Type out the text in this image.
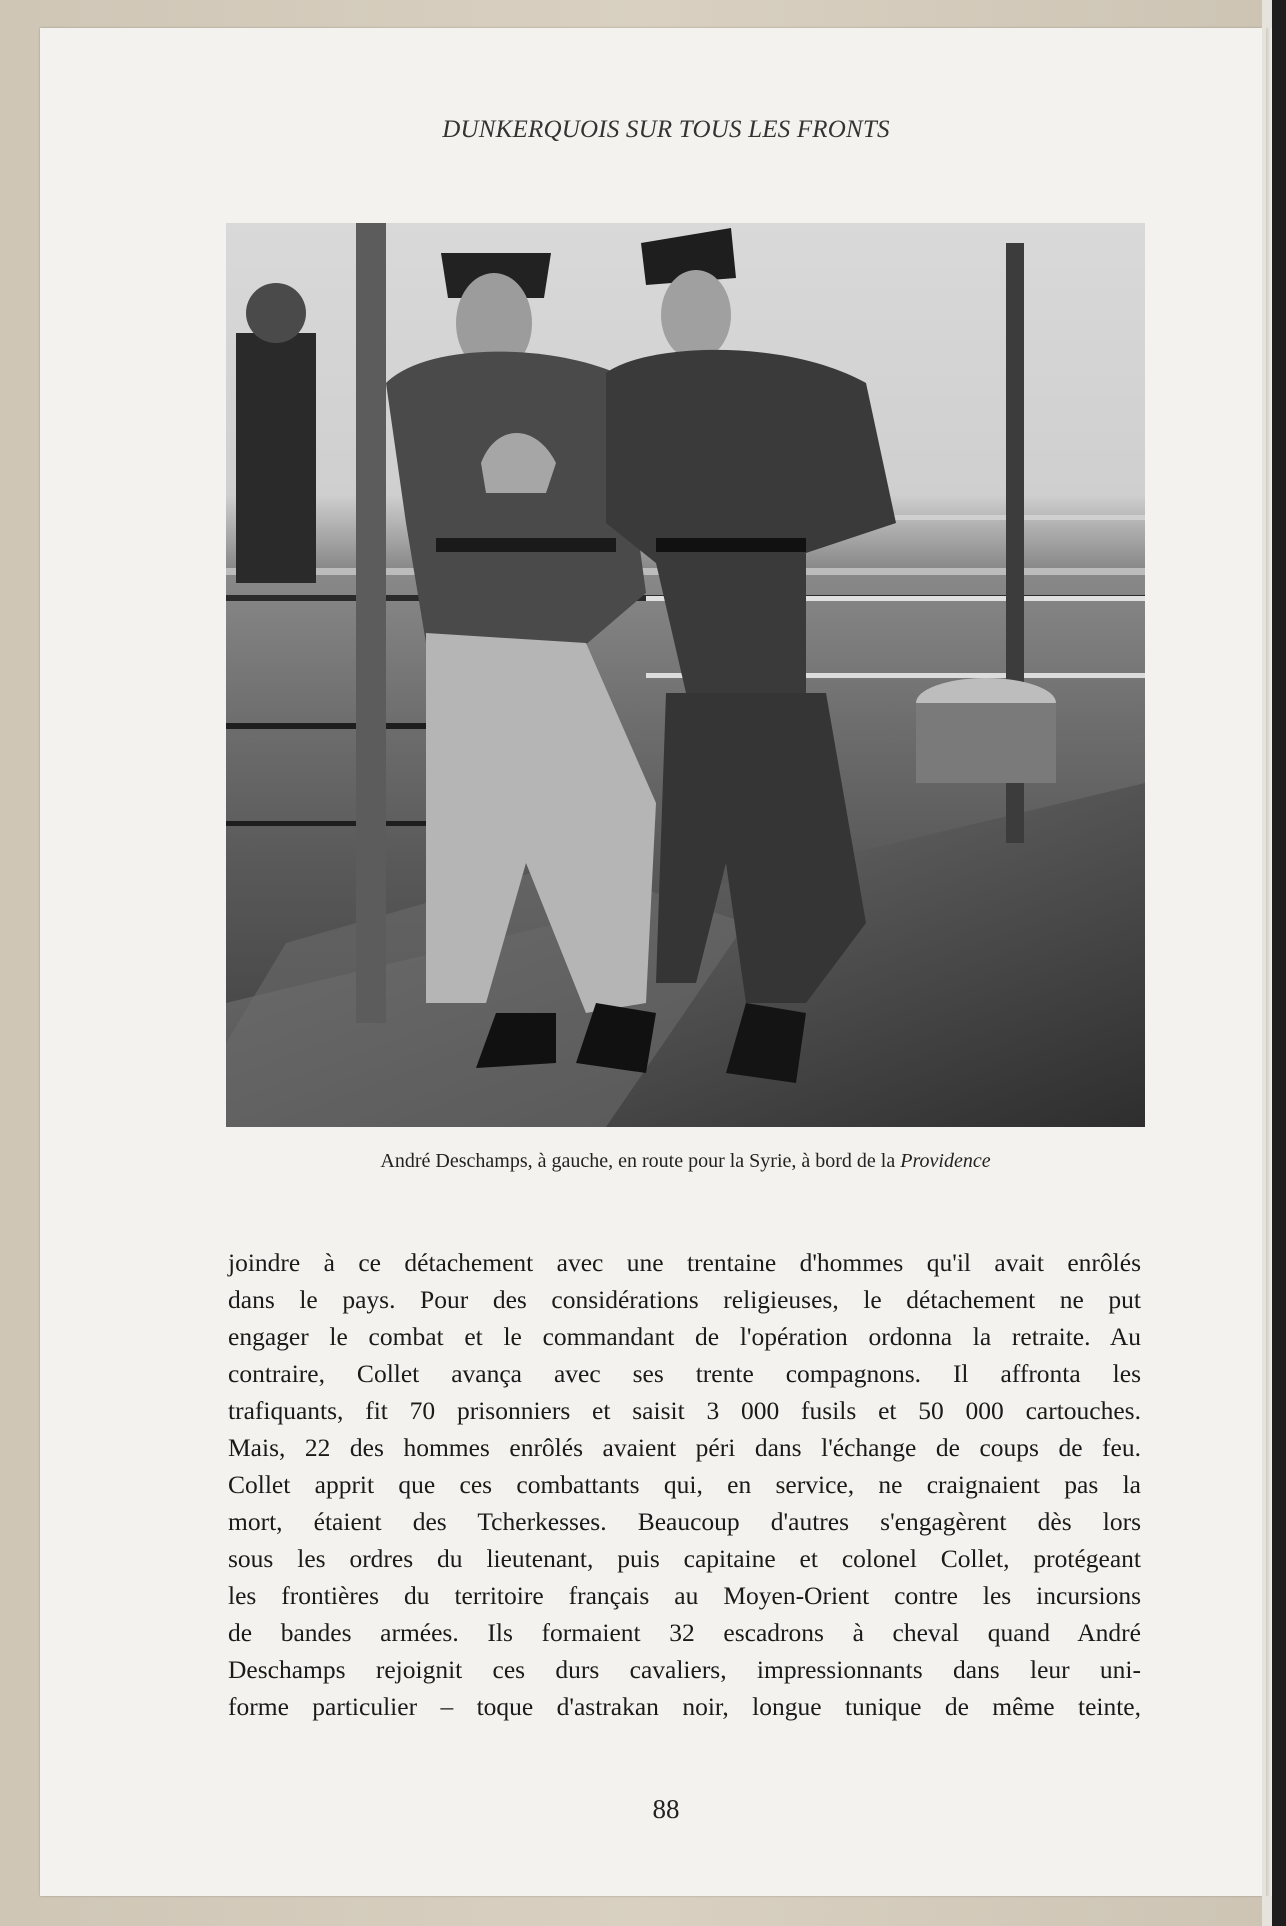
DUNKERQUOIS SUR TOUS LES FRONTS
André Deschamps, à gauche, en route pour la Syrie, à bord de la Providence
joindre à ce détachement avec une trentaine d'hommes qu'il avait enrôlés
dans le pays. Pour des considérations religieuses, le détachement ne put
engager le combat et le commandant de l'opération ordonna la retraite. Au
contraire, Collet avança avec ses trente compagnons. Il affronta les
trafiquants, fit 70 prisonniers et saisit 3 000 fusils et 50 000 cartouches.
Mais, 22 des hommes enrôlés avaient péri dans l'échange de coups de feu.
Collet apprit que ces combattants qui, en service, ne craignaient pas la
mort, étaient des Tcherkesses. Beaucoup d'autres s'engagèrent dès lors
sous les ordres du lieutenant, puis capitaine et colonel Collet, protégeant
les frontières du territoire français au Moyen-Orient contre les incursions
de bandes armées. Ils formaient 32 escadrons à cheval quand André
Deschamps rejoignit ces durs cavaliers, impressionnants dans leur uni-
forme particulier – toque d'astrakan noir, longue tunique de même teinte,
88
